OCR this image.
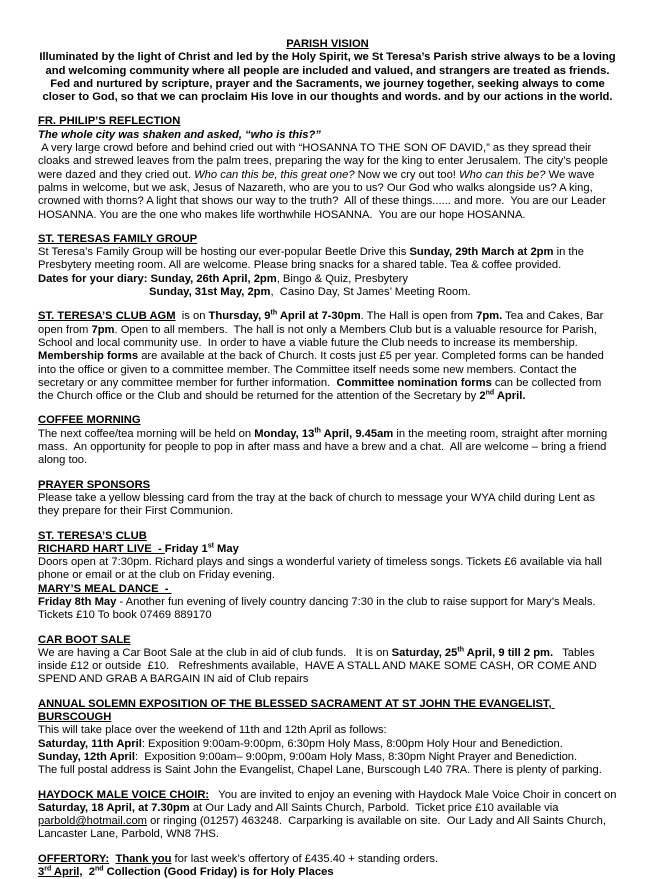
PARISH VISION

Illuminated by the light of Christ and led by the Holy Spirit, we St Teresa’s Parish strive always to be a loving and welcoming community where all people are included and valued, and strangers are treated as friends. Fed and nurtured by scripture, prayer and the Sacraments, we journey together, seeking always to come closer to God, so that we can proclaim His love in our thoughts and words. and by our actions in the world.

FR. PHILIP’S REFLECTION

The whole city was shaken and asked, “who is this?”

A very large crowd before and behind cried out with “HOSANNA TO THE SON OF DAVID,” as they spread their cloaks and strewed leaves from the palm trees, preparing the way for the king to enter Jerusalem. The city’s people were dazed and they cried out. Who can this be, this great one? Now we cry out too! Who can this be? We wave palms in welcome, but we ask, Jesus of Nazareth, who are you to us? Our God who walks alongside us? A king, crowned with thorns? A light that shows our way to the truth?  All of these things...... and more.  You are our Leader HOSANNA. You are the one who makes life worthwhile HOSANNA.  You are our hope HOSANNA.

ST. TERESAS FAMILY GROUP

St Teresa’s Family Group will be hosting our ever-popular Beetle Drive this Sunday, 29th March at 2pm in the Presbytery meeting room. All are welcome. Please bring snacks for a shared table. Tea & coffee provided.

Dates for your diary: Sunday, 26th April, 2pm, Bingo & Quiz, Presbytery

Sunday, 31st May, 2pm,  Casino Day, St James’ Meeting Room.

ST. TERESA’S CLUB AGM  is on Thursday, 9th April at 7-30pm. The Hall is open from 7pm. Tea and Cakes, Bar open from 7pm. Open to all members.  The hall is not only a Members Club but is a valuable resource for Parish, School and local community use.  In order to have a viable future the Club needs to increase its membership. Membership forms are available at the back of Church. It costs just £5 per year. Completed forms can be handed into the office or given to a committee member. The Committee itself needs some new members. Contact the secretary or any committee member for further information.  Committee nomination forms can be collected from the Church office or the Club and should be returned for the attention of the Secretary by 2nd April.

COFFEE MORNING

The next coffee/tea morning will be held on Monday, 13th April, 9.45am in the meeting room, straight after morning mass.  An opportunity for people to pop in after mass and have a brew and a chat.  All are welcome – bring a friend along too.

PRAYER SPONSORS

Please take a yellow blessing card from the tray at the back of church to message your WYA child during Lent as they prepare for their First Communion.

ST. TERESA’S CLUB

RICHARD HART LIVE  - Friday 1st May

Doors open at 7:30pm. Richard plays and sings a wonderful variety of timeless songs. Tickets £6 available via hall phone or email or at the club on Friday evening.

MARY’S MEAL DANCE  -

Friday 8th May - Another fun evening of lively country dancing 7:30 in the club to raise support for Mary’s Meals. Tickets £10 To book 07469 889170

CAR BOOT SALE

We are having a Car Boot Sale at the club in aid of club funds.   It is on Saturday, 25th April, 9 till 2 pm.   Tables inside £12 or outside  £10.   Refreshments available,  HAVE A STALL AND MAKE SOME CASH, OR COME AND SPEND AND GRAB A BARGAIN IN aid of Club repairs

ANNUAL SOLEMN EXPOSITION OF THE BLESSED SACRAMENT AT ST JOHN THE EVANGELIST, BURSCOUGH

This will take place over the weekend of 11th and 12th April as follows:

Saturday, 11th April: Exposition 9:00am-9:00pm, 6:30pm Holy Mass, 8:00pm Holy Hour and Benediction.

Sunday, 12th April:  Exposition 9:00am– 9:00pm, 9:00am Holy Mass, 8:30pm Night Prayer and Benediction.

The full postal address is Saint John the Evangelist, Chapel Lane, Burscough L40 7RA. There is plenty of parking.

HAYDOCK MALE VOICE CHOIR:   You are invited to enjoy an evening with Haydock Male Voice Choir in concert on Saturday, 18 April, at 7.30pm at Our Lady and All Saints Church, Parbold.  Ticket price £10 available via parbold@hotmail.com or ringing (01257) 463248.  Carparking is available on site.  Our Lady and All Saints Church, Lancaster Lane, Parbold, WN8 7HS.

OFFERTORY: Thank you for last week’s offertory of £435.40 + standing orders.

3rd April,  2nd Collection (Good Friday) is for Holy Places
